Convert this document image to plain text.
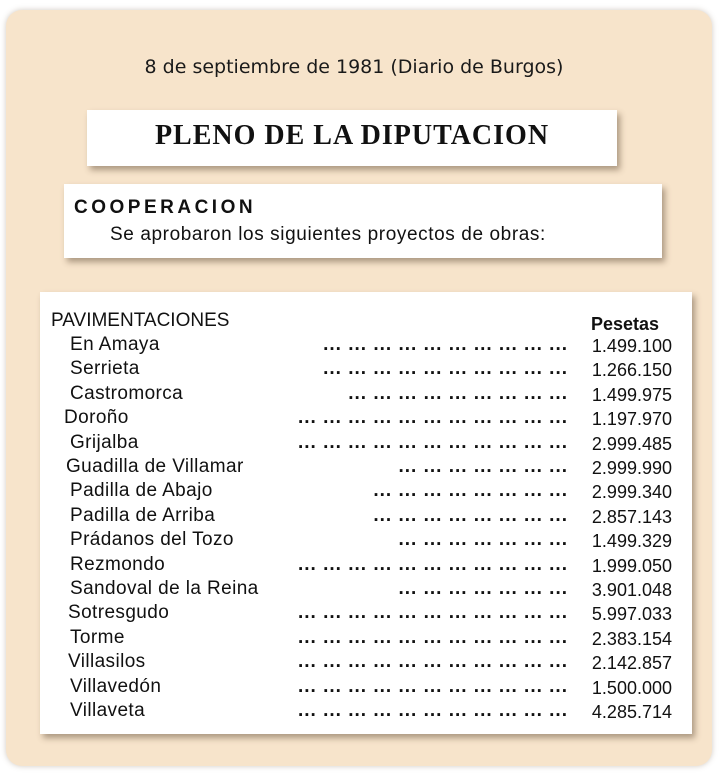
8 de septiembre de 1981 (Diario de Burgos)
PLENO DE LA DIPUTACION
COOPERACION
Se aprobaron los siguientes proyectos de obras:
PAVIMENTACIONES	Pesetas
En Amaya	... ... ... ... ... ... ... ... ... ... 1.499.100
Serrieta	... ... ... ... ... ... ... ... ... ... 1.266.150
Castromorca	... ... ... ... ... ... ... ... ... 1.499.975
Doroño	... ... ... ... ... ... ... ... ... ... ... 1.197.970
Grijalba	... ... ... ... ... ... ... ... ... ... ... 2.999.485
Guadilla de Villamar	... ... ... ... ... ... ... 2.999.990
Padilla de Abajo	... ... ... ... ... ... ... ... 2.999.340
Padilla de Arriba	... ... ... ... ... ... ... ... 2.857.143
Prádanos del Tozo	... ... ... ... ... ... ... 1.499.329
Rezmondo	... ... ... ... ... ... ... ... ... ... ... 1.999.050
Sandoval de la Reina	... ... ... ... ... ... ... 3.901.048
Sotresgudo	... ... ... ... ... ... ... ... ... ... ... 5.997.033
Torme	... ... ... ... ... ... ... ... ... ... ... 2.383.154
Villasilos	... ... ... ... ... ... ... ... ... ... ... 2.142.857
Villavedón	... ... ... ... ... ... ... ... ... ... ... 1.500.000
Villaveta	... ... ... ... ... ... ... ... ... ... ... 4.285.714
